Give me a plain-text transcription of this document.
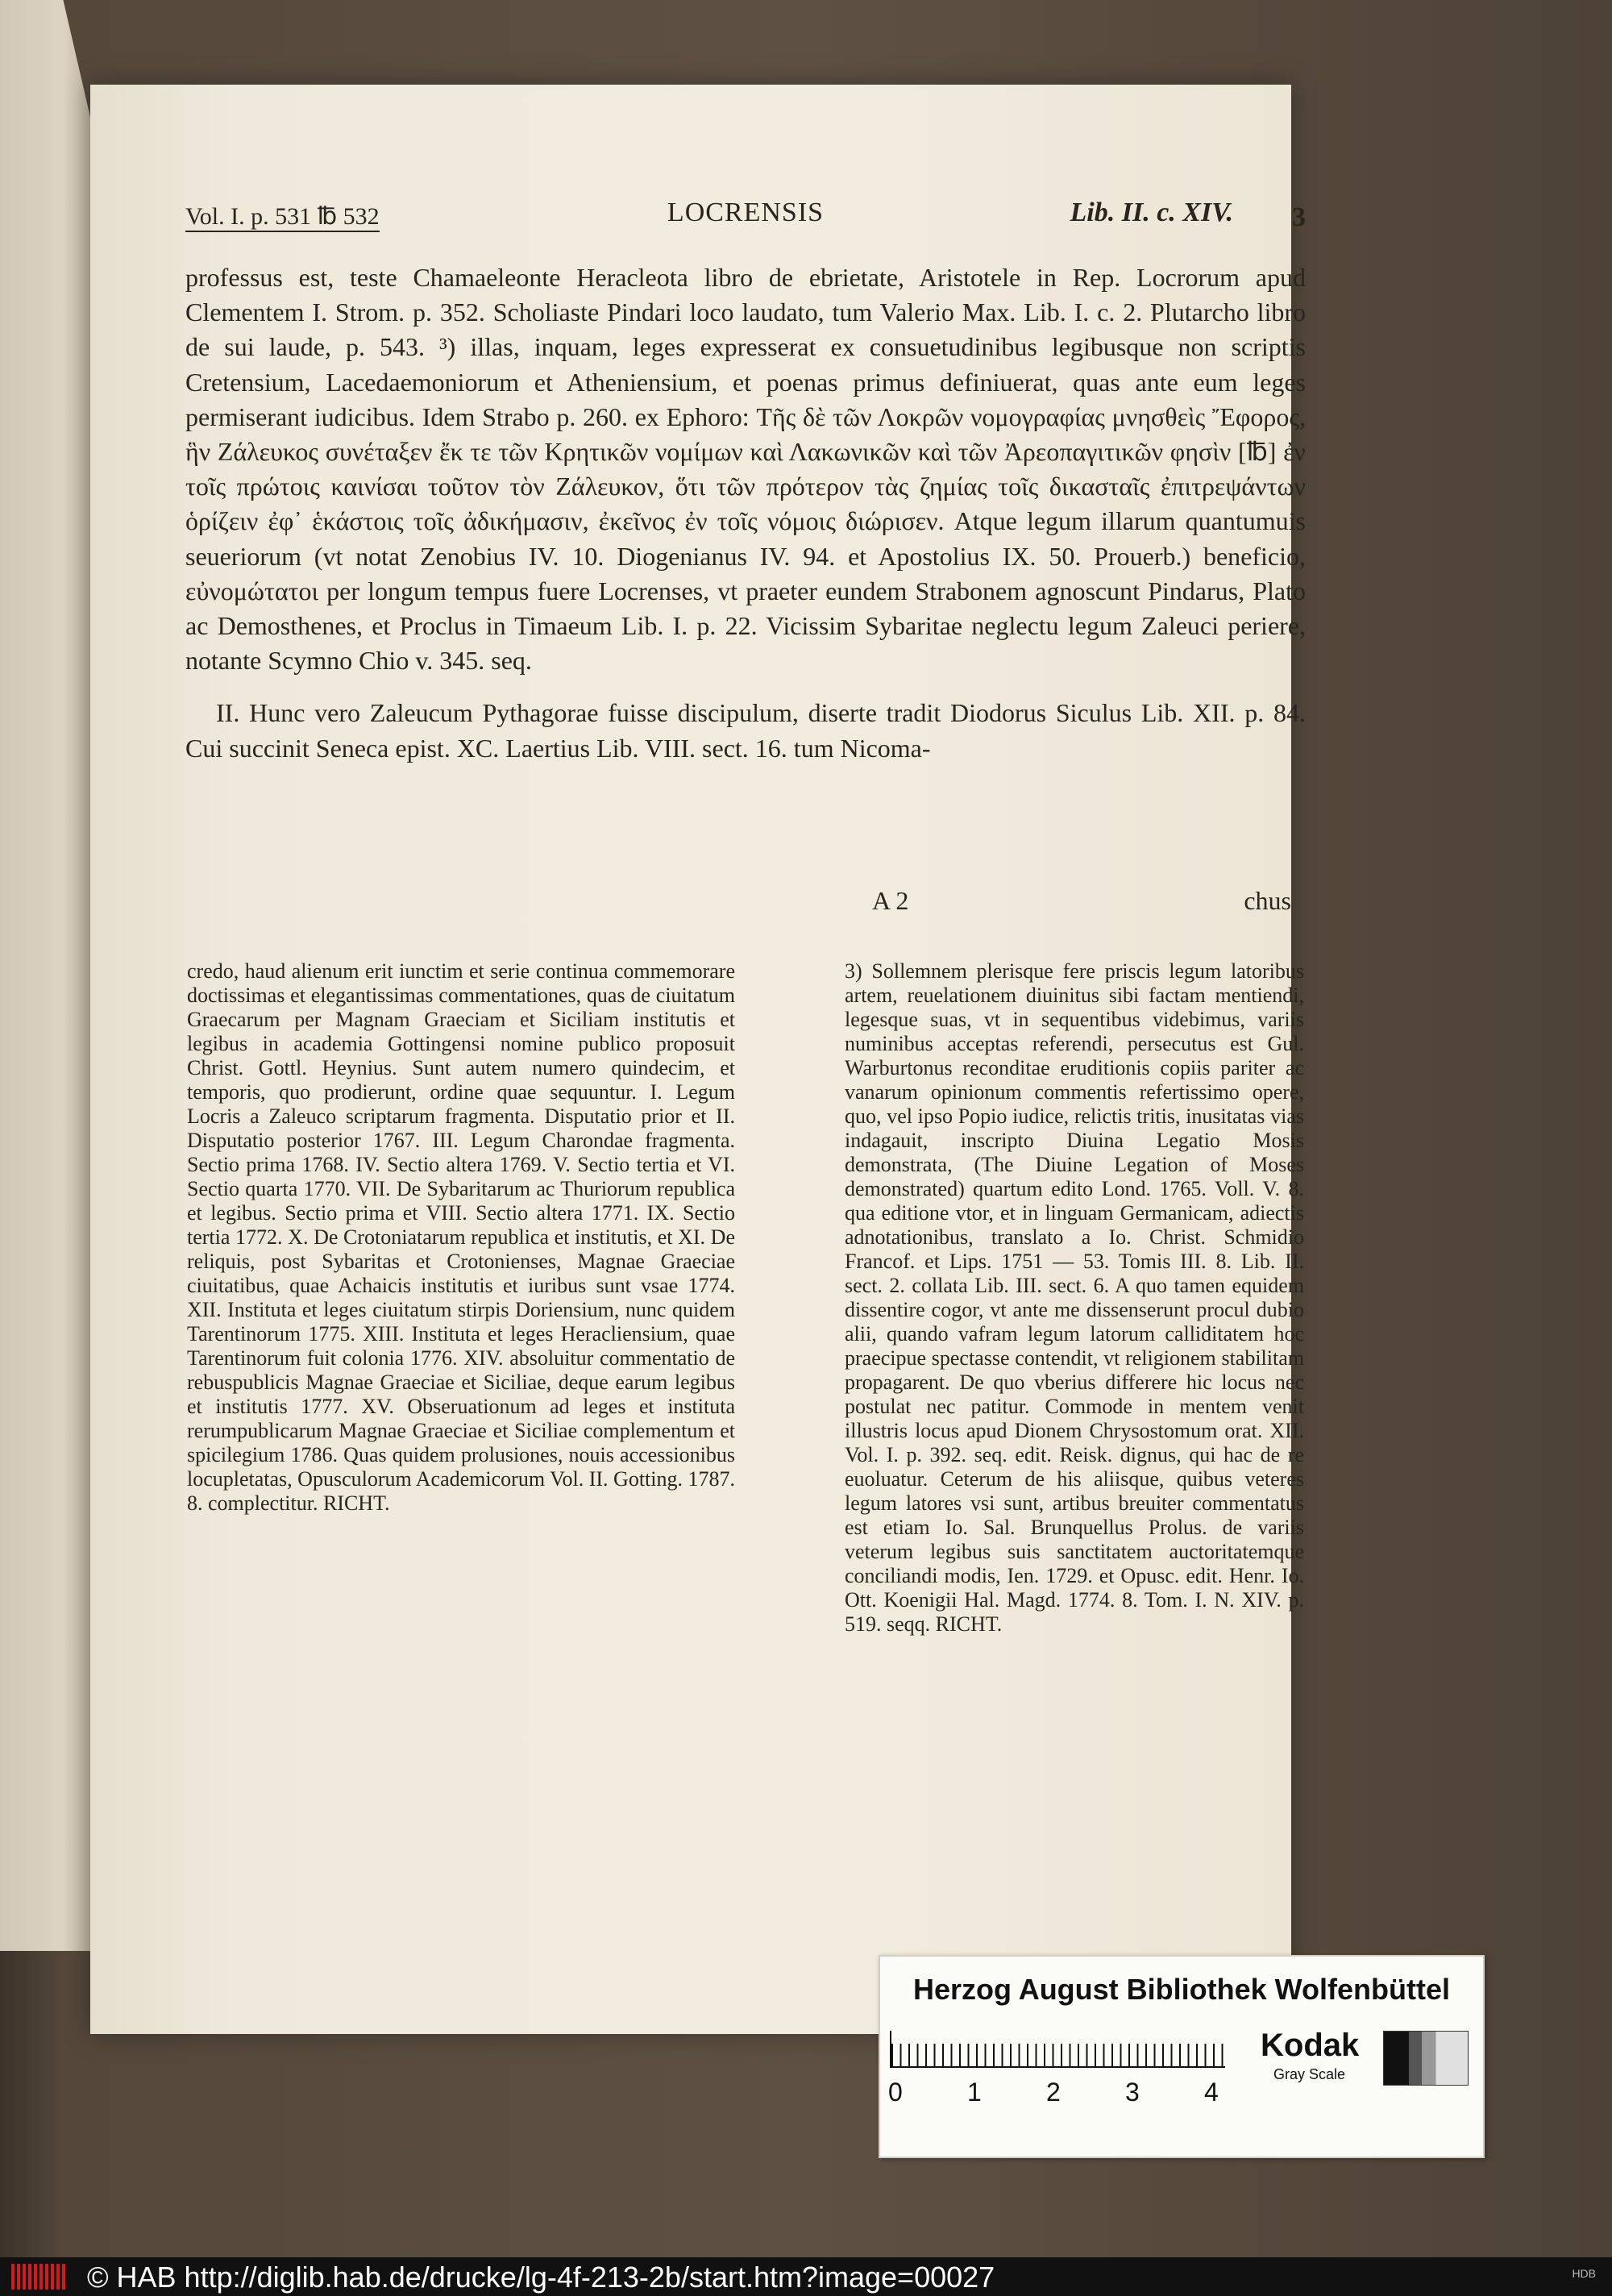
Vol. I. p. 531 ℔ 532	LOCRENSIS	Lib. II. c. XIV. 3

professus est, teste Chamaeleonte Heracleota libro de ebrietate, Aristotele in Rep. Locrorum apud Clementem I. Strom. p. 352. Scholiaste Pindari loco laudato, tum Valerio Max. Lib. I. c. 2. Plutarcho libro de sui laude, p. 543. ³) illas, inquam, leges expresserat ex consuetudinibus legibusque non scriptis Cretensium, Lacedaemoniorum et Atheniensium, et poenas primus definiuerat, quas ante eum leges permiserant iudicibus. Idem Strabo p. 260. ex Ephoro: Τῆς δὲ τῶν Λοκρῶν νομογραφίας μνησθεὶς Ἔφορος, ἣν Ζάλευκος συνέταξεν ἔκ τε τῶν Κρητικῶν νομίμων καὶ Λακωνικῶν καὶ τῶν Ἀρεοπαγιτικῶν φησὶν [℔] ἐν τοῖς πρώτοις καινίσαι τοῦτον τὸν Ζάλευκον, ὅτι τῶν πρότερον τὰς ζημίας τοῖς δικασταῖς ἐπιτρεψάντων ὁρίζειν ἐφ᾽ ἑκάστοις τοῖς ἀδικήμασιν, ἐκεῖνος ἐν τοῖς νόμοις διώρισεν. Atque legum illarum quantumuis seueriorum (vt notat Zenobius IV. 10. Diogenianus IV. 94. et Apostolius IX. 50. Prouerb.) beneficio, εὐνομώτατοι per longum tempus fuere Locrenses, vt praeter eundem Strabonem agnoscunt Pindarus, Plato ac Demosthenes, et Proclus in Timaeum Lib. I. p. 22. Vicissim Sybaritae neglectu legum Zaleuci periere, notante Scymno Chio v. 345. seq.

II. Hunc vero Zaleucum Pythagorae fuisse discipulum, diserte tradit Diodorus Siculus Lib. XII. p. 84. Cui succinit Seneca epist. XC. Laertius Lib. VIII. sect. 16. tum Nicoma-

A 2	chus

credo, haud alienum erit iunctim et serie continua commemorare doctissimas et elegantissimas commentationes, quas de ciuitatum Graecarum per Magnam Graeciam et Siciliam institutis et legibus in academia Gottingensi nomine publico proposuit Christ. Gottl. Heynius. Sunt autem numero quindecim, et temporis, quo prodierunt, ordine quae sequuntur. I. Legum Locris a Zaleuco scriptarum fragmenta. Disputatio prior et II. Disputatio posterior 1767. III. Legum Charondae fragmenta. Sectio prima 1768. IV. Sectio altera 1769. V. Sectio tertia et VI. Sectio quarta 1770. VII. De Sybaritarum ac Thuriorum republica et legibus. Sectio prima et VIII. Sectio altera 1771. IX. Sectio tertia 1772. X. De Crotoniatarum republica et institutis, et XI. De reliquis, post Sybaritas et Crotonienses, Magnae Graeciae ciuitatibus, quae Achaicis institutis et iuribus sunt vsae 1774. XII. Instituta et leges ciuitatum stirpis Doriensium, nunc quidem Tarentinorum 1775. XIII. Instituta et leges Heracliensium, quae Tarentinorum fuit colonia 1776. XIV. absoluitur commentatio de rebuspublicis Magnae Graeciae et Siciliae, deque earum legibus et institutis 1777. XV. Obseruationum ad leges et instituta rerumpublicarum Magnae Graeciae et Siciliae complementum et spicilegium 1786. Quas quidem prolusiones, nouis accessionibus locupletatas, Opusculorum Academicorum Vol. II. Gotting. 1787. 8. complectitur. RICHT.

3) Sollemnem plerisque fere priscis legum latoribus artem, reuelationem diuinitus sibi factam mentiendi, legesque suas, vt in sequentibus videbimus, variis numinibus acceptas referendi, persecutus est Gul. Warburtonus reconditae eruditionis copiis pariter ac vanarum opinionum commentis refertissimo opere, quo, vel ipso Popio iudice, relictis tritis, inusitatas vias indagauit, inscripto Diuina Legatio Mosis demonstrata, (The Diuine Legation of Moses demonstrated) quartum edito Lond. 1765. Voll. V. 8. qua editione vtor, et in linguam Germanicam, adiectis adnotationibus, translato a Io. Christ. Schmidio Francof. et Lips. 1751 — 53. Tomis III. 8. Lib. II. sect. 2. collata Lib. III. sect. 6. A quo tamen equidem dissentire cogor, vt ante me dissenserunt procul dubio alii, quando vafram legum latorum calliditatem hoc praecipue spectasse contendit, vt religionem stabilitam propagarent. De quo vberius differere hic locus nec postulat nec patitur. Commode in mentem venit illustris locus apud Dionem Chrysostomum orat. XII. Vol. I. p. 392. seq. edit. Reisk. dignus, qui hac de re euoluatur. Ceterum de his aliisque, quibus veteres legum latores vsi sunt, artibus breuiter commentatus est etiam Io. Sal. Brunquellus Prolus. de variis veterum legibus suis sanctitatem auctoritatemque conciliandi modis, Ien. 1729. et Opusc. edit. Henr. Io. Ott. Koenigii Hal. Magd. 1774. 8. Tom. I. N. XIV. p. 519. seqq. RICHT.

Herzog August Bibliothek Wolfenbüttel
0	1	2	3	4
Kodak
Gray Scale
© HAB http://diglib.hab.de/drucke/lg-4f-213-2b/start.htm?image=00027	HDB
